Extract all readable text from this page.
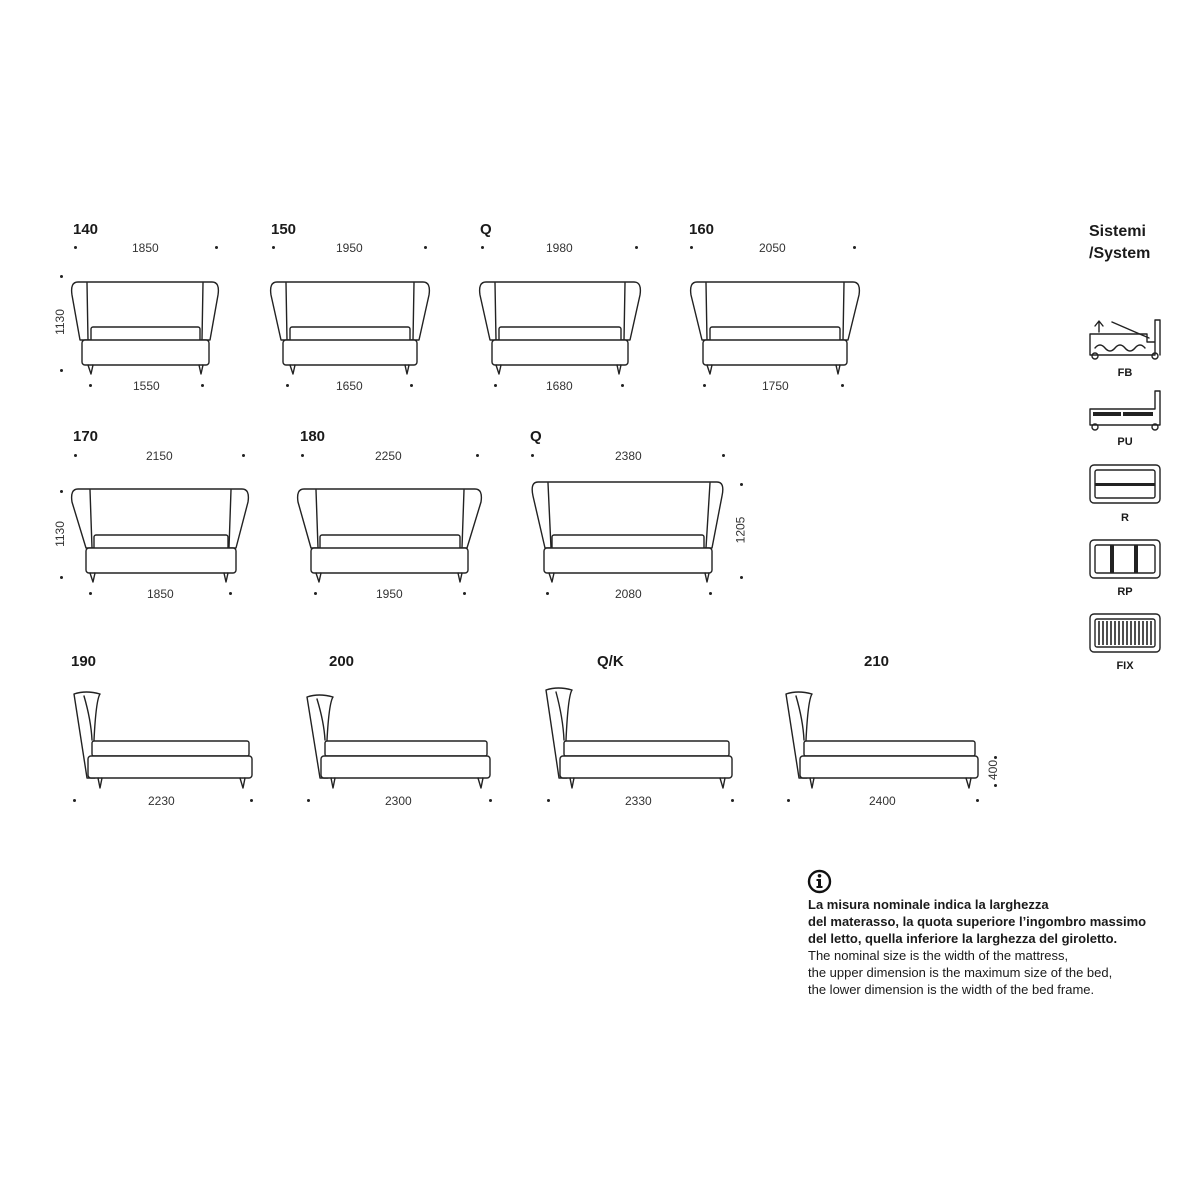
140
1850
1550
150
1950
1650
Q
1980
1680
160
2050
1750
1130
170
2150
1850
180
2250
1950
Q
2380
2080
1130	1205
190
2230
200
2300
Q/K
2330
210
2400
400
Sistemi
/System
FB
PU
R
RP
FIX
La misura nominale indica la larghezza
del materasso, la quota superiore l’ingombro massimo
del letto, quella inferiore la larghezza del giroletto.
The nominal size is the width of the mattress,
the upper dimension is the maximum size of the bed,
the lower dimension is the width of the bed frame.
